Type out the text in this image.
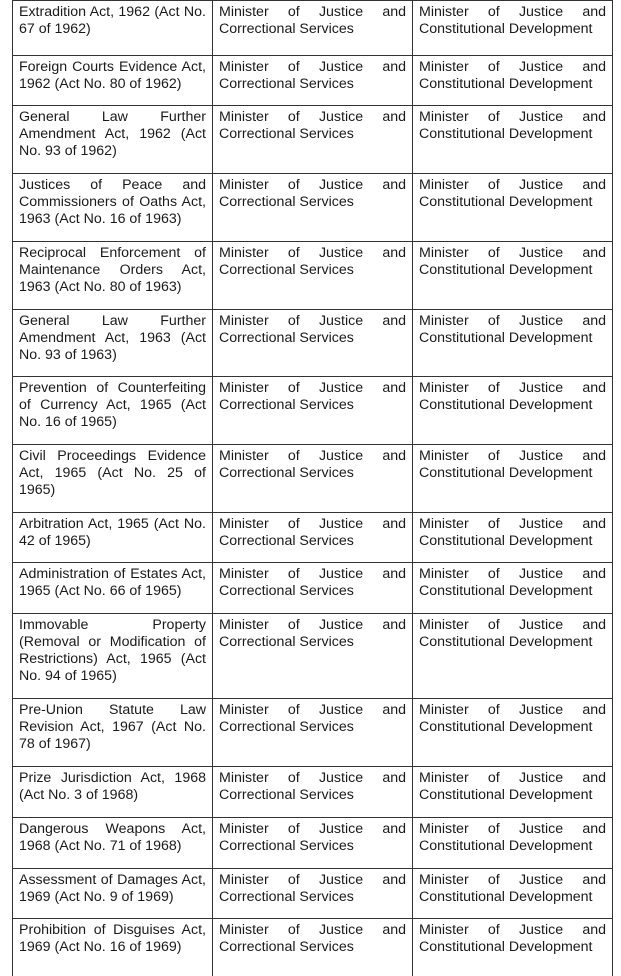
Extradition Act, 1962 (Act No. 67 of 1962)
Minister of Justice and Correctional Services
Minister of Justice and Constitutional Development
Foreign Courts Evidence Act, 1962 (Act No. 80 of 1962)
Minister of Justice and Correctional Services
Minister of Justice and Constitutional Development
General Law Further Amendment Act, 1962 (Act No. 93 of 1962)
Minister of Justice and Correctional Services
Minister of Justice and Constitutional Development
Justices of Peace and Commissioners of Oaths Act, 1963 (Act No. 16 of 1963)
Minister of Justice and Correctional Services
Minister of Justice and Constitutional Development
Reciprocal Enforcement of Maintenance Orders Act, 1963 (Act No. 80 of 1963)
Minister of Justice and Correctional Services
Minister of Justice and Constitutional Development
General Law Further Amendment Act, 1963 (Act No. 93 of 1963)
Minister of Justice and Correctional Services
Minister of Justice and Constitutional Development
Prevention of Counterfeiting of Currency Act, 1965 (Act No. 16 of 1965)
Minister of Justice and Correctional Services
Minister of Justice and Constitutional Development
Civil Proceedings Evidence Act, 1965 (Act No. 25 of 1965)
Minister of Justice and Correctional Services
Minister of Justice and Constitutional Development
Arbitration Act, 1965 (Act No. 42 of 1965)
Minister of Justice and Correctional Services
Minister of Justice and Constitutional Development
Administration of Estates Act, 1965 (Act No. 66 of 1965)
Minister of Justice and Correctional Services
Minister of Justice and Constitutional Development
Immovable Property (Removal or Modification of Restrictions) Act, 1965 (Act No. 94 of 1965)
Minister of Justice and Correctional Services
Minister of Justice and Constitutional Development
Pre-Union Statute Law Revision Act, 1967 (Act No. 78 of 1967)
Minister of Justice and Correctional Services
Minister of Justice and Constitutional Development
Prize Jurisdiction Act, 1968 (Act No. 3 of 1968)
Minister of Justice and Correctional Services
Minister of Justice and Constitutional Development
Dangerous Weapons Act, 1968 (Act No. 71 of 1968)
Minister of Justice and Correctional Services
Minister of Justice and Constitutional Development
Assessment of Damages Act, 1969 (Act No. 9 of 1969)
Minister of Justice and Correctional Services
Minister of Justice and Constitutional Development
Prohibition of Disguises Act, 1969 (Act No. 16 of 1969)
Minister of Justice and Correctional Services
Minister of Justice and Constitutional Development
